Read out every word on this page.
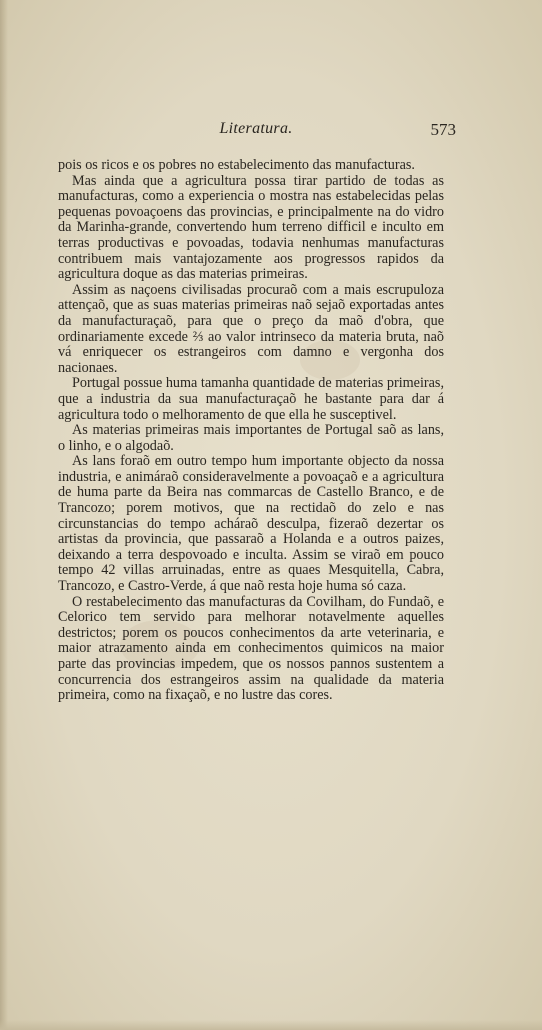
Literatura.	573

pois os ricos e os pobres no estabelecimento das manufacturas.

Mas ainda que a agricultura possa tirar partido de todas as manufacturas, como a experiencia o mostra nas estabelecidas pelas pequenas povoaçoens das provincias, e principalmente na do vidro da Marinha-grande, convertendo hum terreno difficil e inculto em terras productivas e povoadas, todavia nenhumas manufacturas contribuem mais vantajozamente aos progressos rapidos da agricultura doque as das materias primeiras.

Assim as naçoens civilisadas procuraõ com a mais escrupuloza attençaõ, que as suas materias primeiras naõ sejaõ exportadas antes da manufacturaçaõ, para que o preço da maõ d'obra, que ordinariamente excede ⅔ ao valor intrinseco da materia bruta, naõ vá enriquecer os estrangeiros com damno e vergonha dos nacionaes.

Portugal possue huma tamanha quantidade de materias primeiras, que a industria da sua manufacturaçaõ he bastante para dar á agricultura todo o melhoramento de que ella he susceptivel.

As materias primeiras mais importantes de Portugal saõ as lans, o linho, e o algodaõ.

As lans foraõ em outro tempo hum importante objecto da nossa industria, e animáraõ consideravelmente a povoaçaõ e a agricultura de huma parte da Beira nas commarcas de Castello Branco, e de Trancozo; porem motivos, que na rectidaõ do zelo e nas circunstancias do tempo acháraõ desculpa, fizeraõ dezertar os artistas da provincia, que passaraõ a Holanda e a outros paizes, deixando a terra despovoado e inculta. Assim se viraõ em pouco tempo 42 villas arruinadas, entre as quaes Mesquitella, Cabra, Trancozo, e Castro-Verde, á que naõ resta hoje huma só caza.

O restabelecimento das manufacturas da Covilham, do Fundaõ, e Celorico tem servido para melhorar notavelmente aquelles destrictos; porem os poucos conhecimentos da arte veterinaria, e maior atrazamento ainda em conhecimentos quimicos na maior parte das provincias impedem, que os nossos pannos sustentem a concurrencia dos estrangeiros assim na qualidade da materia primeira, como na fixaçaõ, e no lustre das cores.
